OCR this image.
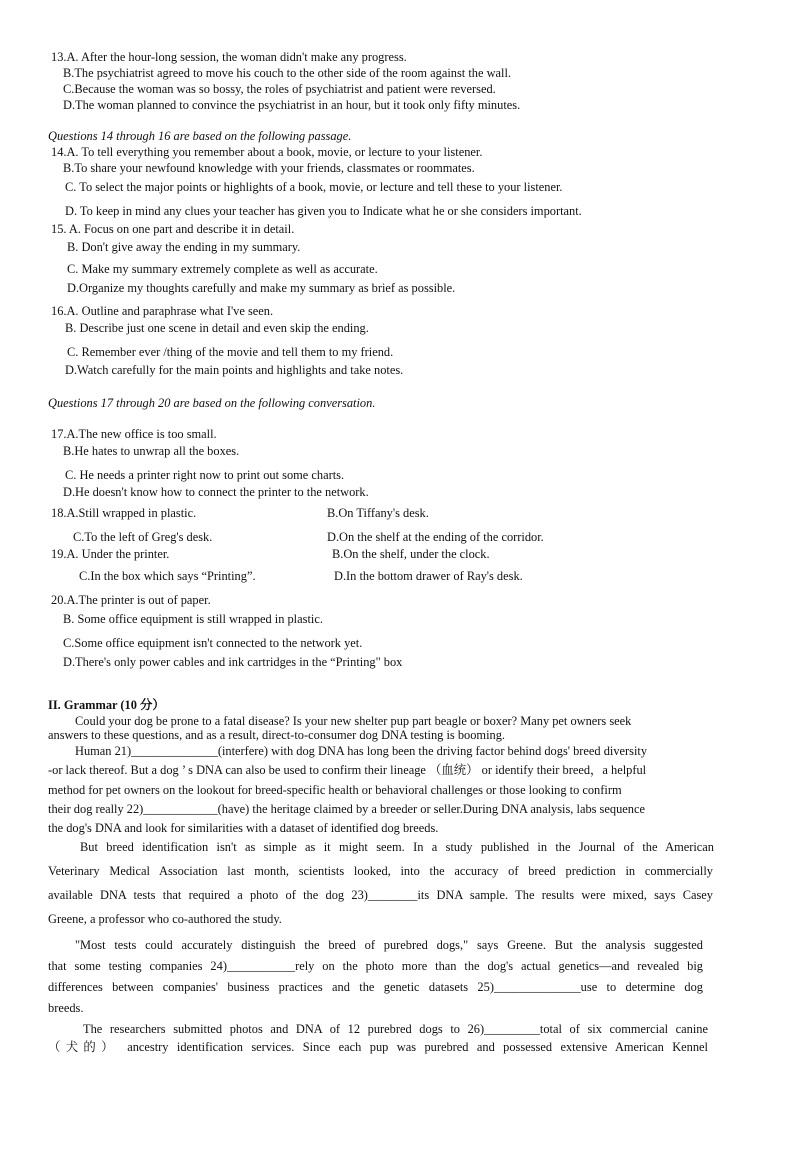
13.A. After the hour-long session, the woman didn't make any progress.
B.The psychiatrist agreed to move his couch to the other side of the room against the wall.
C.Because the woman was so bossy, the roles of psychiatrist and patient were reversed.
D.The woman planned to convince the psychiatrist in an hour, but it took only fifty minutes.
Questions 14 through 16 are based on the following passage.
14.A. To tell everything you remember about a book, movie, or lecture to your listener.
B.To share your newfound knowledge with your friends, classmates or roommates.
C. To select the major points or highlights of a book, movie, or lecture and tell these to your listener.
D. To keep in mind any clues your teacher has given you to Indicate what he or she considers important.
15. A. Focus on one part and describe it in detail.
B. Don't give away the ending in my summary.
C. Make my summary extremely complete as well as accurate.
D.Organize my thoughts carefully and make my summary as brief as possible.
16.A. Outline and paraphrase what I've seen.
B. Describe just one scene in detail and even skip the ending.
C. Remember ever /thing of the movie and tell them to my friend.
D.Watch carefully for the main points and highlights and take notes.
Questions 17 through 20 are based on the following conversation.
17.A.The new office is too small.
B.He hates to unwrap all the boxes.
C. He needs a printer right now to print out some charts.
D.He doesn't know how to connect the printer to the network.
18.A.Still wrapped in plastic.	B.On Tiffany's desk.
C.To the left of Greg's desk.	D.On the shelf at the ending of the corridor.
19.A. Under the printer.	B.On the shelf, under the clock.
C.In the box which says “Printing”.	D.In the bottom drawer of Ray's desk.
20.A.The printer is out of paper.
B. Some office equipment is still wrapped in plastic.
C.Some office equipment isn't connected to the network yet.
D.There's only power cables and ink cartridges in the “Printing" box
II. Grammar (10 分）
Could your dog be prone to a fatal disease? Is your new shelter pup part beagle or boxer? Many pet owners seek
answers to these questions, and as a result, direct-to-consumer dog DNA testing is booming.
Human 21)______________(interfere) with dog DNA has long been the driving factor behind dogs' breed diversity
-or lack thereof. But a dog ’ s DNA can also be used to confirm their lineage （血统） or identify their breed，a helpful
method for pet owners on the lookout for breed-specific health or behavioral challenges or those looking to confirm
their dog really 22)____________(have) the heritage claimed by a breeder or seller.During DNA analysis, labs sequence
the dog's DNA and look for similarities with a dataset of identified dog breeds.
But breed identification isn't as simple as it might seem. In a study published in the Journal of the American
Veterinary Medical Association last month, scientists looked, into the accuracy of breed prediction in commercially
available DNA tests that required a photo of the dog 23)________its DNA sample. The results were mixed, says Casey
Greene, a professor who co-authored the study.
"Most tests could accurately distinguish the breed of purebred dogs," says Greene. But the analysis suggested
that some testing companies 24)___________rely on the photo more than the dog's actual genetics—and revealed big
differences between companies' business practices and the genetic datasets 25)______________use to determine dog
breeds.
The researchers submitted photos and DNA of 12 purebred dogs to 26)_________total of six commercial canine
（犬的） ancestry identification services. Since each pup was purebred and possessed extensive American Kennel
